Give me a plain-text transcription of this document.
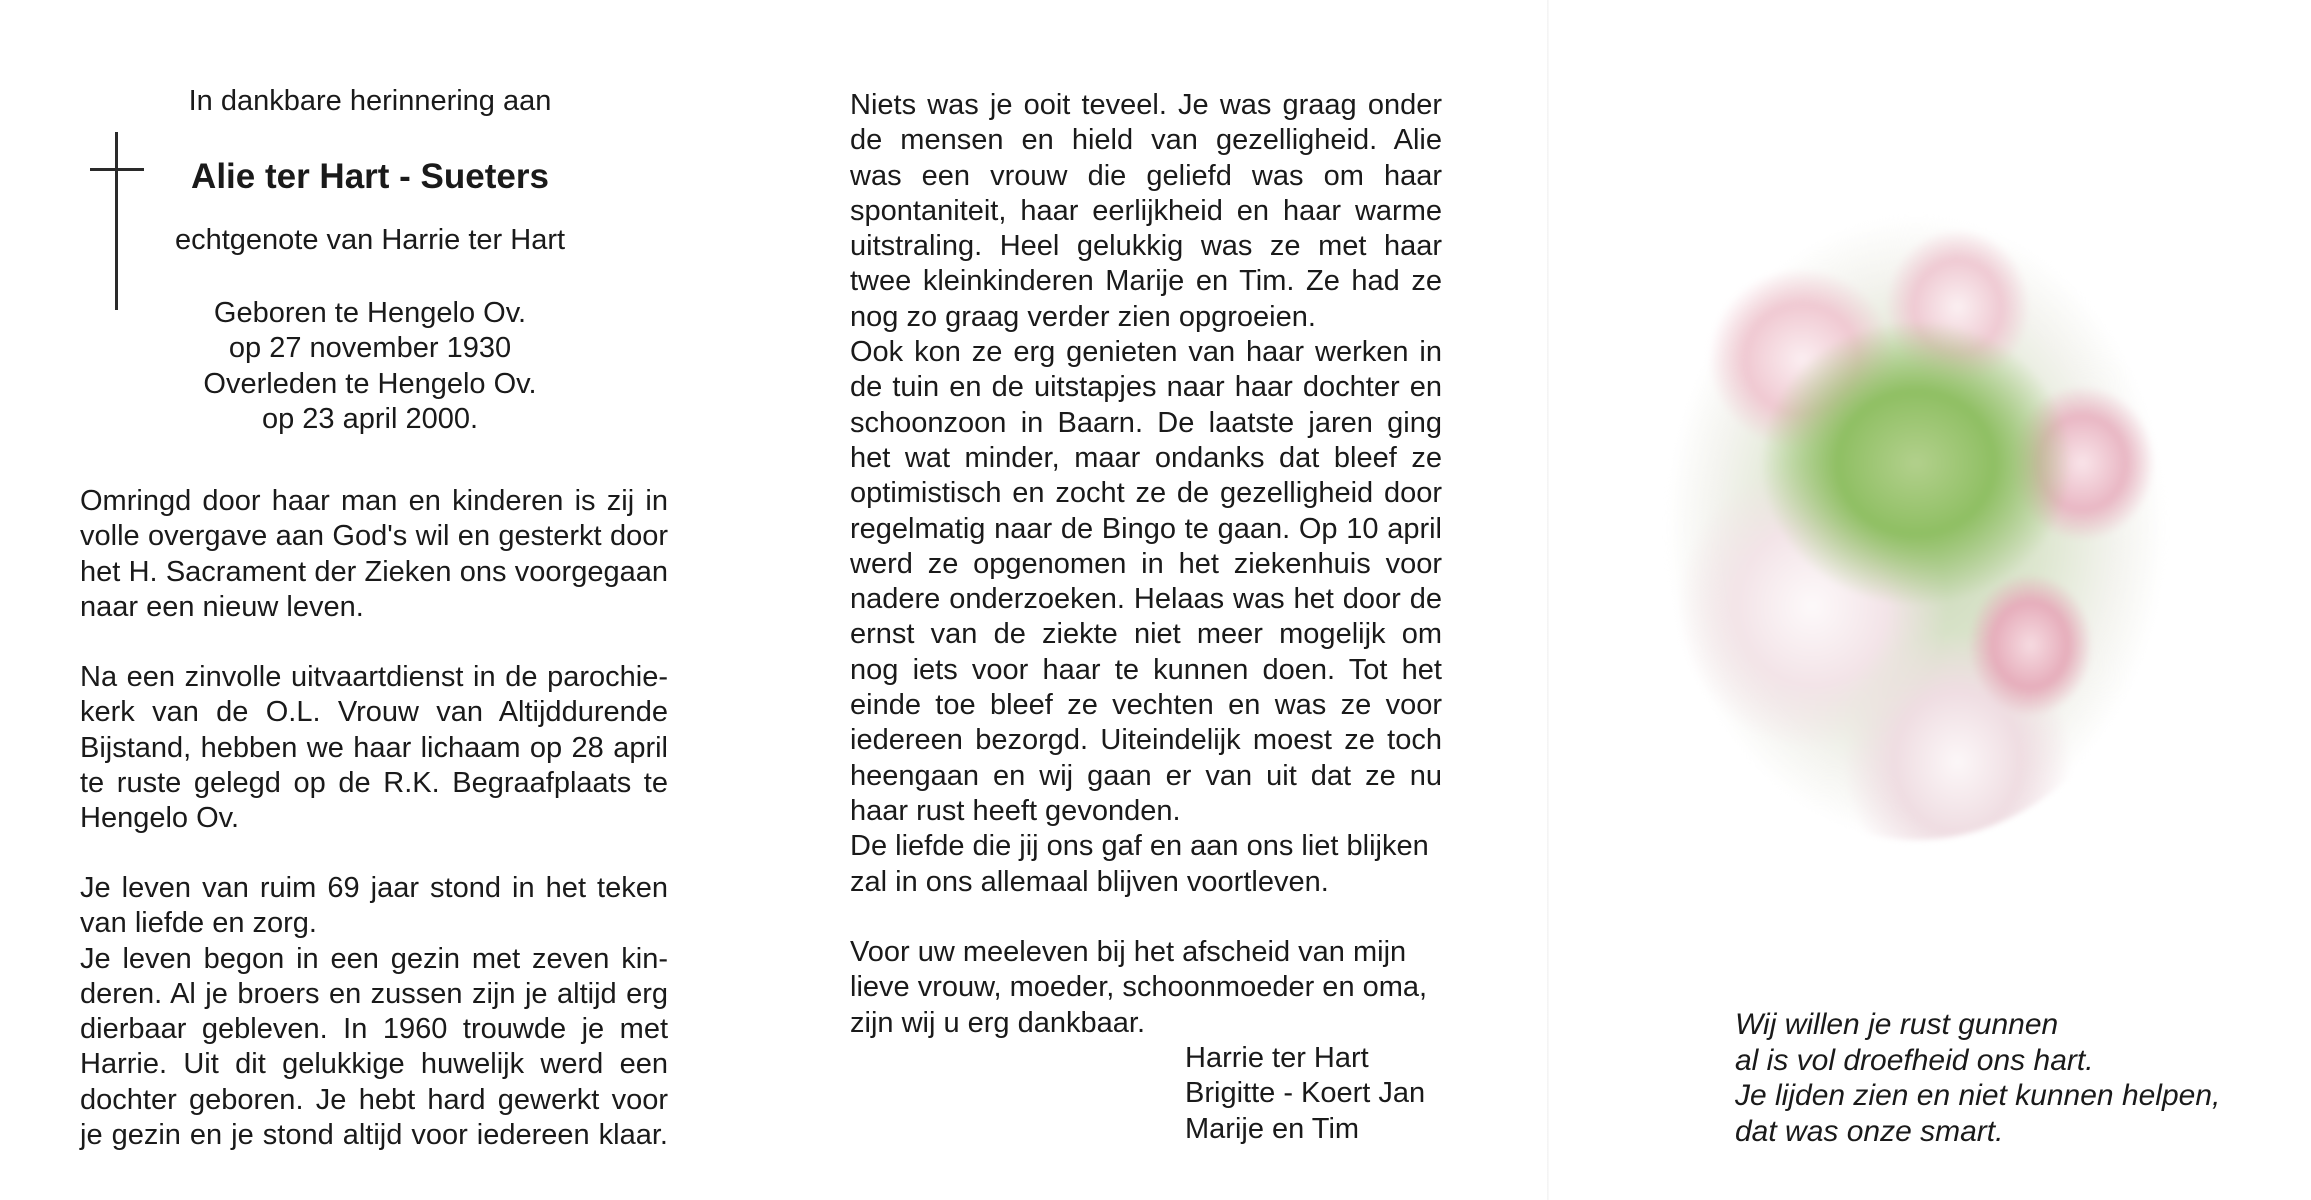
In dankbare herinnering aan
Alie ter Hart - Sueters
echtgenote van Harrie ter Hart
Geboren te Hengelo Ov.
op 27 november 1930
Overleden te Hengelo Ov.
op 23 april 2000.
Omringd door haar man en kinderen is zij in
volle overgave aan God's wil en gesterkt door
het H. Sacrament der Zieken ons voorgegaan
naar een nieuw leven.
Na een zinvolle uitvaartdienst in de parochie-
kerk van de O.L. Vrouw van Altijddurende
Bijstand, hebben we haar lichaam op 28 april
te ruste gelegd op de R.K. Begraafplaats te
Hengelo Ov.
Je leven van ruim 69 jaar stond in het teken
van liefde en zorg.
Je leven begon in een gezin met zeven kin-
deren. Al je broers en zussen zijn je altijd erg
dierbaar gebleven. In 1960 trouwde je met
Harrie. Uit dit gelukkige huwelijk werd een
dochter geboren. Je hebt hard gewerkt voor
je gezin en je stond altijd voor iedereen klaar.
Niets was je ooit teveel. Je was graag onder
de mensen en hield van gezelligheid. Alie
was een vrouw die geliefd was om haar
spontaniteit, haar eerlijkheid en haar warme
uitstraling. Heel gelukkig was ze met haar
twee kleinkinderen Marije en Tim. Ze had ze
nog zo graag verder zien opgroeien.
Ook kon ze erg genieten van haar werken in
de tuin en de uitstapjes naar haar dochter en
schoonzoon in Baarn. De laatste jaren ging
het wat minder, maar ondanks dat bleef ze
optimistisch en zocht ze de gezelligheid door
regelmatig naar de Bingo te gaan. Op 10 april
werd ze opgenomen in het ziekenhuis voor
nadere onderzoeken. Helaas was het door de
ernst van de ziekte niet meer mogelijk om
nog iets voor haar te kunnen doen. Tot het
einde toe bleef ze vechten en was ze voor
iedereen bezorgd. Uiteindelijk moest ze toch
heengaan en wij gaan er van uit dat ze nu
haar rust heeft gevonden.
De liefde die jij ons gaf en aan ons liet blijken
zal in ons allemaal blijven voortleven.
Voor uw meeleven bij het afscheid van mijn
lieve vrouw, moeder, schoonmoeder en oma,
zijn wij u erg dankbaar.
Harrie ter Hart
Brigitte - Koert Jan
Marije en Tim
Wij willen je rust gunnen
al is vol droefheid ons hart.
Je lijden zien en niet kunnen helpen,
dat was onze smart.
